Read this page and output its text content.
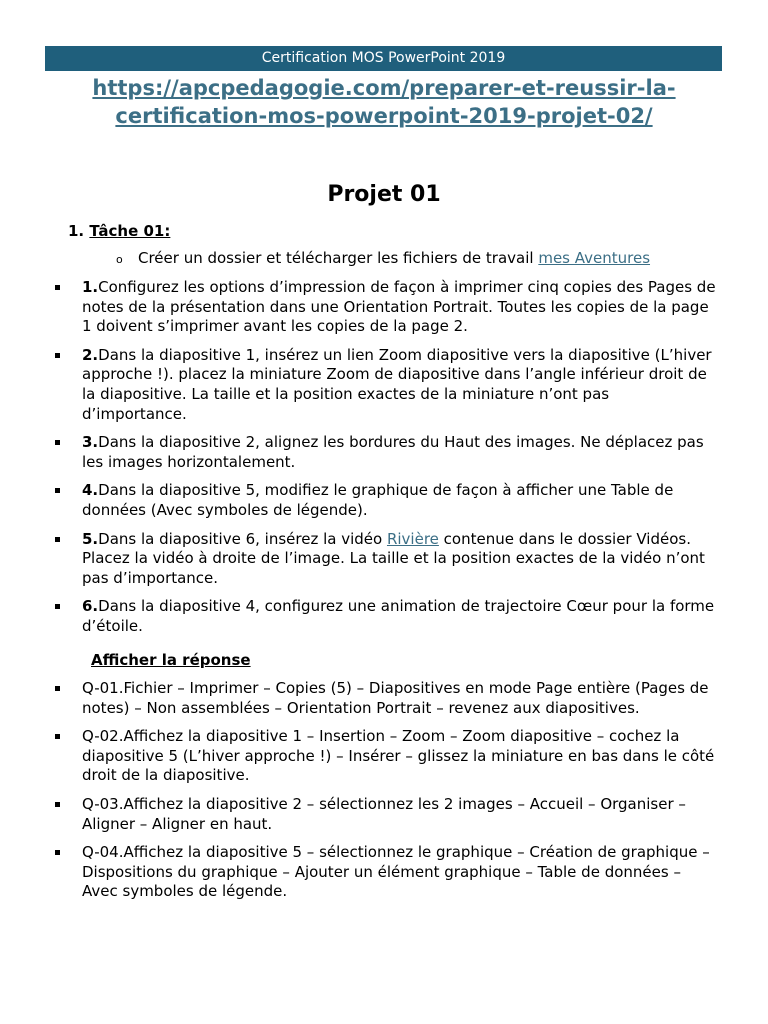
Certification MOS PowerPoint 2019
https://apcpedagogie.com/preparer-et-reussir-la-
certification-mos-powerpoint-2019-projet-02/
Projet 01
1. Tâche 01:
o Créer un dossier et télécharger les fichiers de travail mes Aventures
1.Configurez les options d’impression de façon à imprimer cinq copies des Pages de notes de la présentation dans une Orientation Portrait. Toutes les copies de la page 1 doivent s’imprimer avant les copies de la page 2.
2.Dans la diapositive 1, insérez un lien Zoom diapositive vers la diapositive (L’hiver approche !). placez la miniature Zoom de diapositive dans l’angle inférieur droit de la diapositive. La taille et la position exactes de la miniature n’ont pas d’importance.
3.Dans la diapositive 2, alignez les bordures du Haut des images. Ne déplacez pas les images horizontalement.
4.Dans la diapositive 5, modifiez le graphique de façon à afficher une Table de données (Avec symboles de légende).
5.Dans la diapositive 6, insérez la vidéo Rivière contenue dans le dossier Vidéos. Placez la vidéo à droite de l’image. La taille et la position exactes de la vidéo n’ont pas d’importance.
6.Dans la diapositive 4, configurez une animation de trajectoire Cœur pour la forme d’étoile.
Afficher la réponse
Q-01.Fichier – Imprimer – Copies (5) – Diapositives en mode Page entière (Pages de notes) – Non assemblées – Orientation Portrait – revenez aux diapositives.
Q-02.Affichez la diapositive 1 – Insertion – Zoom – Zoom diapositive – cochez la diapositive 5 (L’hiver approche !) – Insérer – glissez la miniature en bas dans le côté droit de la diapositive.
Q-03.Affichez la diapositive 2 – sélectionnez les 2 images – Accueil – Organiser – Aligner – Aligner en haut.
Q-04.Affichez la diapositive 5 – sélectionnez le graphique – Création de graphique – Dispositions du graphique – Ajouter un élément graphique – Table de données – Avec symboles de légende.
